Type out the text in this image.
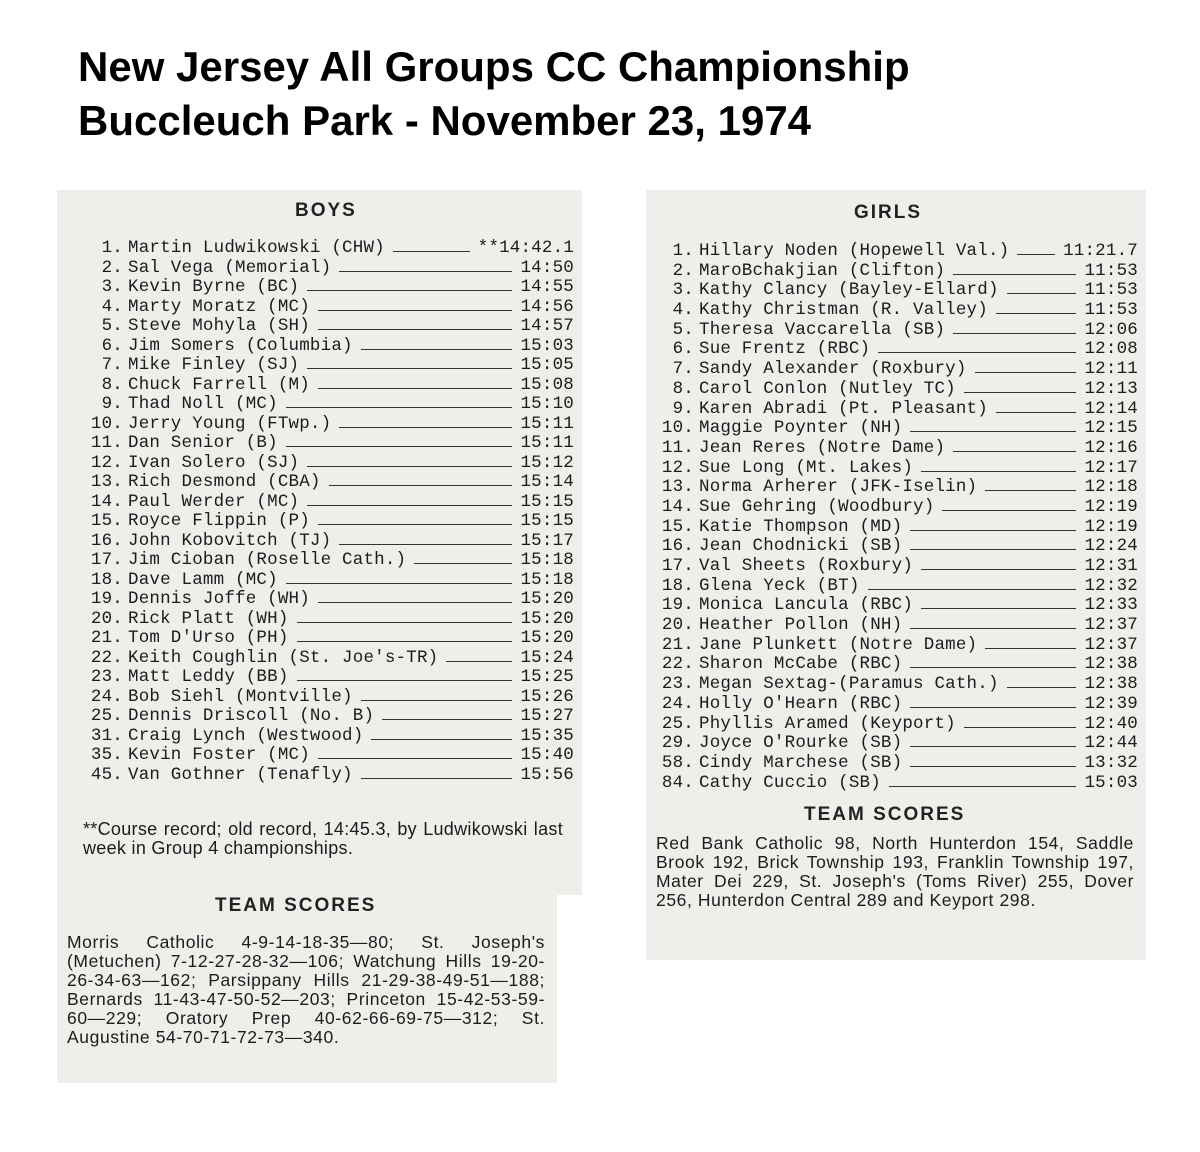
New Jersey All Groups CC Championship
Buccleuch Park - November 23, 1974
BOYS
1. Martin Ludwikowski (CHW)	**14:42.1
2. Sal Vega (Memorial)	14:50
3. Kevin Byrne (BC)	14:55
4. Marty Moratz (MC)	14:56
5. Steve Mohyla (SH)	14:57
6. Jim Somers (Columbia)	15:03
7. Mike Finley (SJ)	15:05
8. Chuck Farrell (M)	15:08
9. Thad Noll (MC)	15:10
10. Jerry Young (FTwp.)	15:11
11. Dan Senior (B)	15:11
12. Ivan Solero (SJ)	15:12
13. Rich Desmond (CBA)	15:14
14. Paul Werder (MC)	15:15
15. Royce Flippin (P)	15:15
16. John Kobovitch (TJ)	15:17
17. Jim Cioban (Roselle Cath.)	15:18
18. Dave Lamm (MC)	15:18
19. Dennis Joffe (WH)	15:20
20. Rick Platt (WH)	15:20
21. Tom D'Urso (PH)	15:20
22. Keith Coughlin (St. Joe's-TR)	15:24
23. Matt Leddy (BB)	15:25
24. Bob Siehl (Montville)	15:26
25. Dennis Driscoll (No. B)	15:27
31. Craig Lynch (Westwood)	15:35
35. Kevin Foster (MC)	15:40
45. Van Gothner (Tenafly)	15:56
**Course record; old record, 14:45.3, by Ludwikowski last week in Group 4 championships.
TEAM SCORES
Morris Catholic 4-9-14-18-35—80; St. Joseph's (Metuchen) 7-12-27-28-32—106; Watchung Hills 19-20-26-34-63—162; Parsippany Hills 21-29-38-49-51—188; Bernards 11-43-47-50-52—203; Princeton 15-42-53-59-60—229; Oratory Prep 40-62-66-69-75—312; St. Augustine 54-70-71-72-73—340.
GIRLS
1. Hillary Noden (Hopewell Val.)	11:21.7
2. MaroBchakjian (Clifton)	11:53
3. Kathy Clancy (Bayley-Ellard)	11:53
4. Kathy Christman (R. Valley)	11:53
5. Theresa Vaccarella (SB)	12:06
6. Sue Frentz (RBC)	12:08
7. Sandy Alexander (Roxbury)	12:11
8. Carol Conlon (Nutley TC)	12:13
9. Karen Abradi (Pt. Pleasant)	12:14
10. Maggie Poynter (NH)	12:15
11. Jean Reres (Notre Dame)	12:16
12. Sue Long (Mt. Lakes)	12:17
13. Norma Arherer (JFK-Iselin)	12:18
14. Sue Gehring (Woodbury)	12:19
15. Katie Thompson (MD)	12:19
16. Jean Chodnicki (SB)	12:24
17. Val Sheets (Roxbury)	12:31
18. Glena Yeck (BT)	12:32
19. Monica Lancula (RBC)	12:33
20. Heather Pollon (NH)	12:37
21. Jane Plunkett (Notre Dame)	12:37
22. Sharon McCabe (RBC)	12:38
23. Megan Sextag-(Paramus Cath.)	12:38
24. Holly O'Hearn (RBC)	12:39
25. Phyllis Aramed (Keyport)	12:40
29. Joyce O'Rourke (SB)	12:44
58. Cindy Marchese (SB)	13:32
84. Cathy Cuccio (SB)	15:03
TEAM SCORES
Red Bank Catholic 98, North Hunterdon 154, Saddle Brook 192, Brick Township 193, Franklin Township 197, Mater Dei 229, St. Joseph's (Toms River) 255, Dover 256, Hunterdon Central 289 and Keyport 298.
